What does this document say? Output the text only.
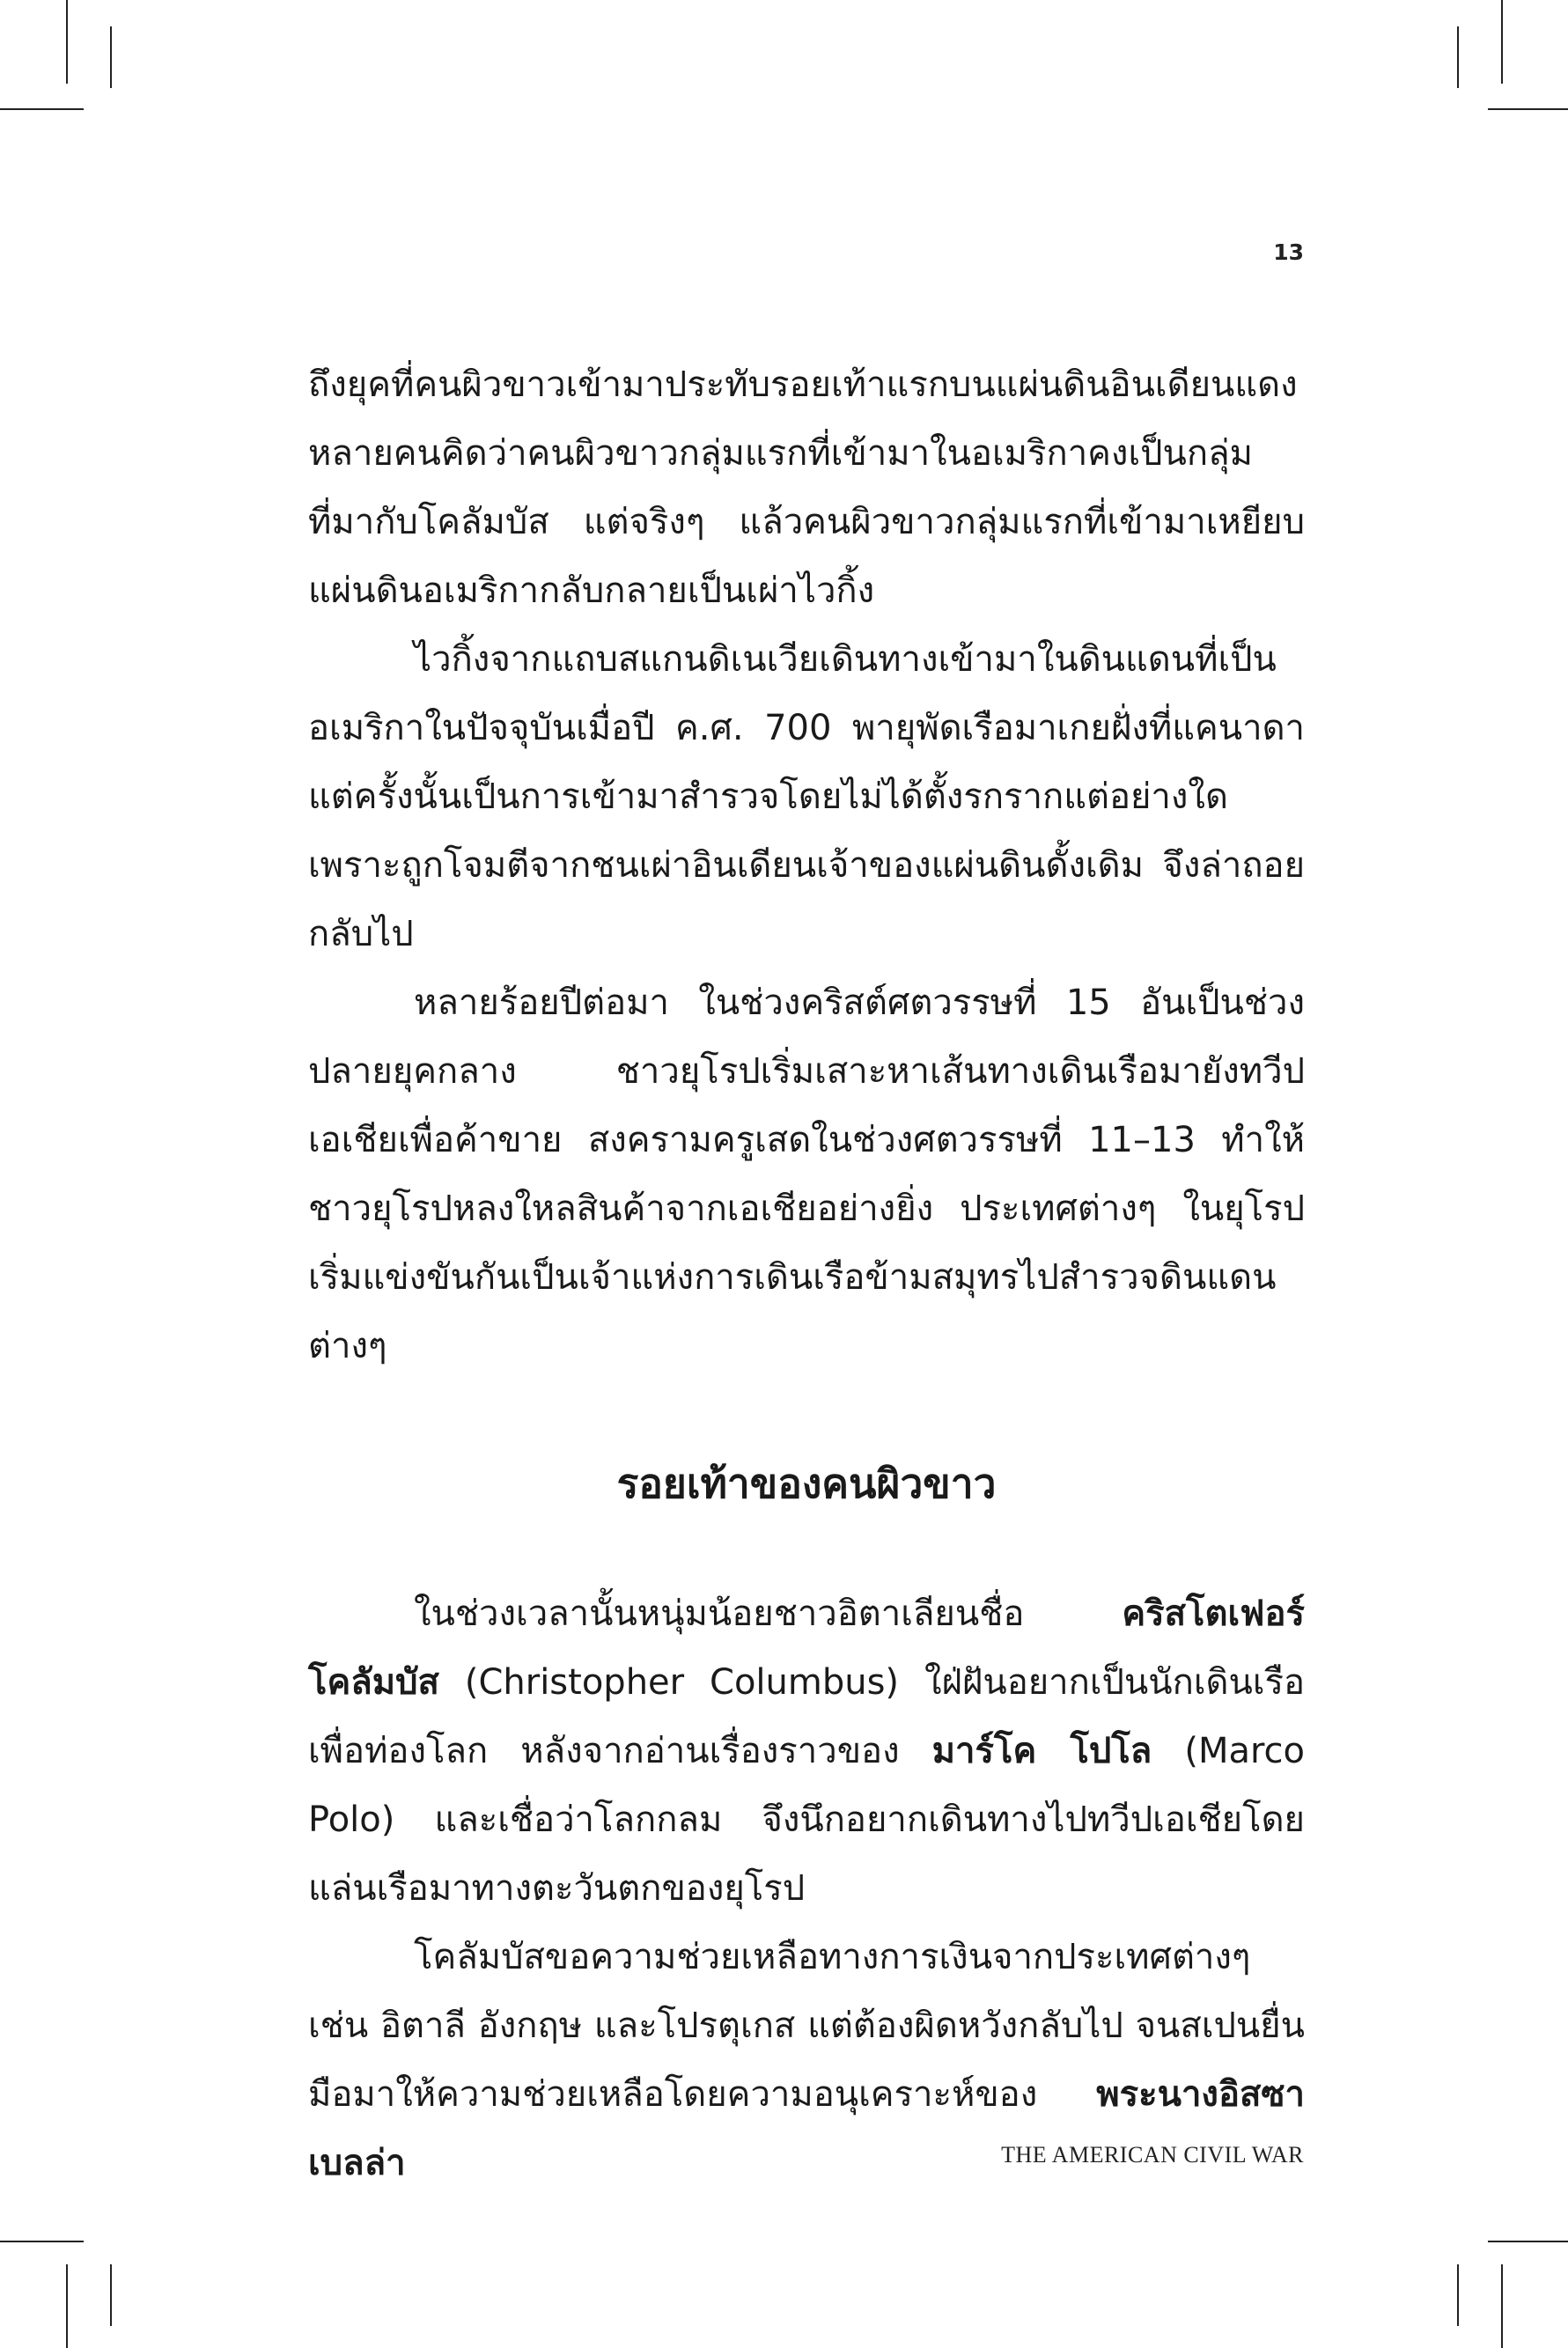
13

ถึงยุคที่คนผิวขาวเข้ามาประทับรอยเท้าแรกบนแผ่นดินอินเดียนแดง หลายคนคิดว่าคนผิวขาวกลุ่มแรกที่เข้ามาในอเมริกาคงเป็นกลุ่มที่มากับโคลัมบัส แต่จริงๆ แล้วคนผิวขาวกลุ่มแรกที่เข้ามาเหยียบแผ่นดินอเมริกากลับกลายเป็นเผ่าไวกิ้ง

ไวกิ้งจากแถบสแกนดิเนเวียเดินทางเข้ามาในดินแดนที่เป็นอเมริกาในปัจจุบันเมื่อปี ค.ศ. 700 พายุพัดเรือมาเกยฝั่งที่แคนาดา แต่ครั้งนั้นเป็นการเข้ามาสำรวจโดยไม่ได้ตั้งรกรากแต่อย่างใด เพราะถูกโจมตีจากชนเผ่าอินเดียนเจ้าของแผ่นดินดั้งเดิม จึงล่าถอยกลับไป

หลายร้อยปีต่อมา ในช่วงคริสต์ศตวรรษที่ 15 อันเป็นช่วงปลายยุคกลาง ชาวยุโรปเริ่มเสาะหาเส้นทางเดินเรือมายังทวีปเอเชียเพื่อค้าขาย สงครามครูเสดในช่วงศตวรรษที่ 11–13 ทำให้ชาวยุโรปหลงใหลสินค้าจากเอเชียอย่างยิ่ง ประเทศต่างๆ ในยุโรปเริ่มแข่งขันกันเป็นเจ้าแห่งการเดินเรือข้ามสมุทรไปสำรวจดินแดนต่างๆ

รอยเท้าของคนผิวขาว

ในช่วงเวลานั้นหนุ่มน้อยชาวอิตาเลียนชื่อ คริสโตเฟอร์ โคลัมบัส (Christopher Columbus) ใฝ่ฝันอยากเป็นนักเดินเรือเพื่อท่องโลก หลังจากอ่านเรื่องราวของ มาร์โค โปโล (Marco Polo) และเชื่อว่าโลกกลม จึงนึกอยากเดินทางไปทวีปเอเชียโดยแล่นเรือมาทางตะวันตกของยุโรป

โคลัมบัสขอความช่วยเหลือทางการเงินจากประเทศต่างๆ เช่น อิตาลี อังกฤษ และโปรตุเกส แต่ต้องผิดหวังกลับไป จนสเปนยื่นมือมาให้ความช่วยเหลือโดยความอนุเคราะห์ของ พระนางอิสซาเบลล่า	THE AMERICAN CIVIL WAR
